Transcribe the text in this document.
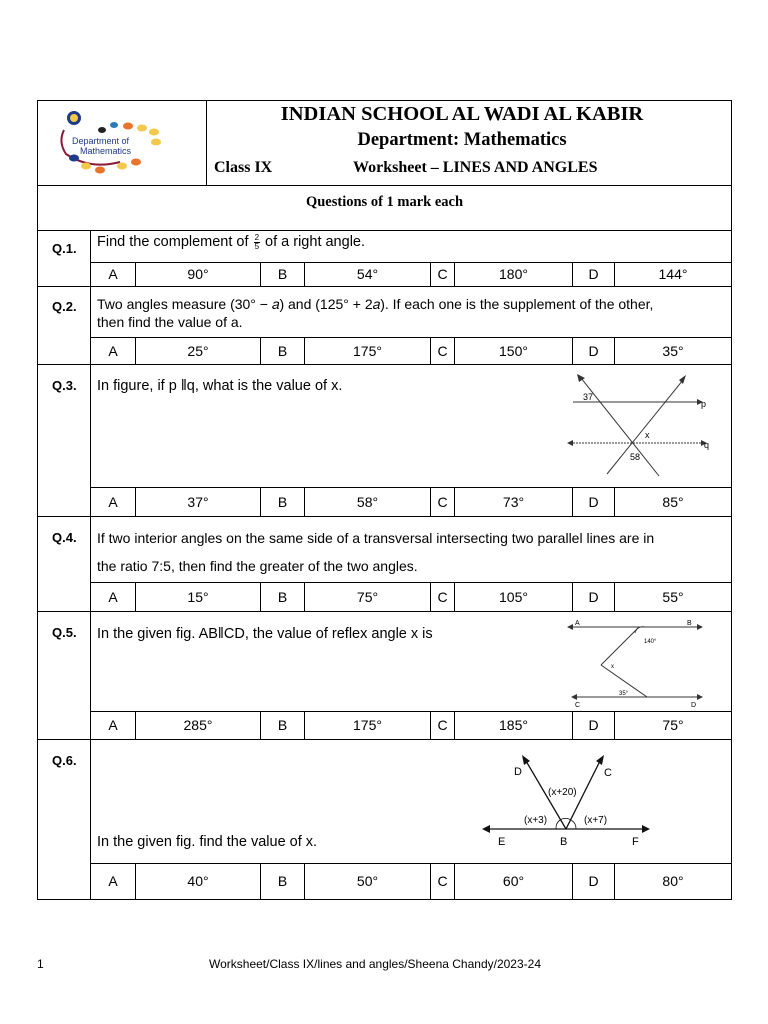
Department of
Mathematics
INDIAN SCHOOL AL WADI AL KABIR
Department: Mathematics
Class IX	Worksheet – LINES AND ANGLES
Questions of 1 mark each
Q.1. Find the complement of $\frac{2}{5}$ of a right angle.
A	90°	B	54°	C	180°	D	144°
Q.2. Two angles measure (30° − 𝑎) and (125° + 2𝑎). If each one is the supplement of the other,
then find the value of a.
A	25°	B	175°	C	150°	D	35°
Q.3. In figure, if p ‖q, what is the value of x.
37
58
x
p
q
A	37°	B	58°	C	73°	D	85°
Q.4. If two interior angles on the same side of a transversal intersecting two parallel lines are in
the ratio 7:5, then find the greater of the two angles.
A	15°	B	75°	C	105°	D	55°
Q.5. In the given fig. AB‖CD, the value of reflex angle x is
A	B
C	D
140°
35°
x
A	285°	B	175°	C	185°	D	75°
Q.6.
In the given fig. find the value of x.
D	C
E	B	F
(x+20)
(x+3)	(x+7)
A	40°	B	50°	C	60°	D	80°
1	Worksheet/Class IX/lines and angles/Sheena Chandy/2023-24
